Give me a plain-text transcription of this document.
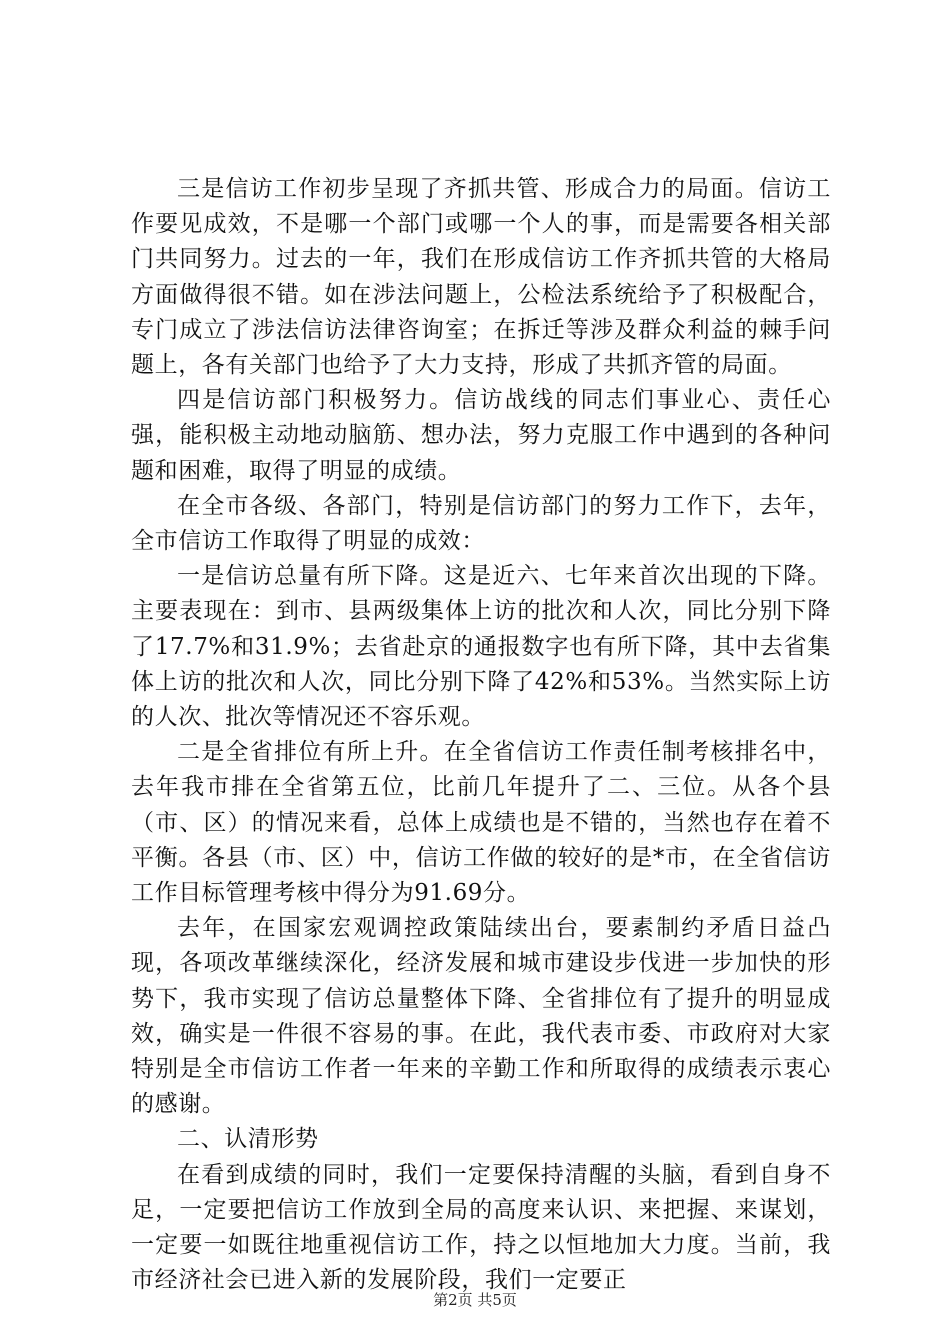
三是信访工作初步呈现了齐抓共管、形成合力的局面。信访工作要见成效，不是哪一个部门或哪一个人的事，而是需要各相关部门共同努力。过去的一年，我们在形成信访工作齐抓共管的大格局方面做得很不错。如在涉法问题上，公检法系统给予了积极配合，专门成立了涉法信访法律咨询室；在拆迁等涉及群众利益的棘手问题上，各有关部门也给予了大力支持，形成了共抓齐管的局面。

四是信访部门积极努力。信访战线的同志们事业心、责任心强，能积极主动地动脑筋、想办法，努力克服工作中遇到的各种问题和困难，取得了明显的成绩。

在全市各级、各部门，特别是信访部门的努力工作下，去年，全市信访工作取得了明显的成效：

一是信访总量有所下降。这是近六、七年来首次出现的下降。主要表现在：到市、县两级集体上访的批次和人次，同比分别下降了17.7%和31.9%；去省赴京的通报数字也有所下降，其中去省集体上访的批次和人次，同比分别下降了42%和53%。当然实际上访的人次、批次等情况还不容乐观。

二是全省排位有所上升。在全省信访工作责任制考核排名中，去年我市排在全省第五位，比前几年提升了二、三位。从各个县（市、区）的情况来看，总体上成绩也是不错的，当然也存在着不平衡。各县（市、区）中，信访工作做的较好的是*市，在全省信访工作目标管理考核中得分为91.69分。

去年，在国家宏观调控政策陆续出台，要素制约矛盾日益凸现，各项改革继续深化，经济发展和城市建设步伐进一步加快的形势下，我市实现了信访总量整体下降、全省排位有了提升的明显成效，确实是一件很不容易的事。在此，我代表市委、市政府对大家特别是全市信访工作者一年来的辛勤工作和所取得的成绩表示衷心的感谢。

二、认清形势

在看到成绩的同时，我们一定要保持清醒的头脑，看到自身不足，一定要把信访工作放到全局的高度来认识、来把握、来谋划，一定要一如既往地重视信访工作，持之以恒地加大力度。当前，我市经济社会已进入新的发展阶段，我们一定要正

第2页 共5页
